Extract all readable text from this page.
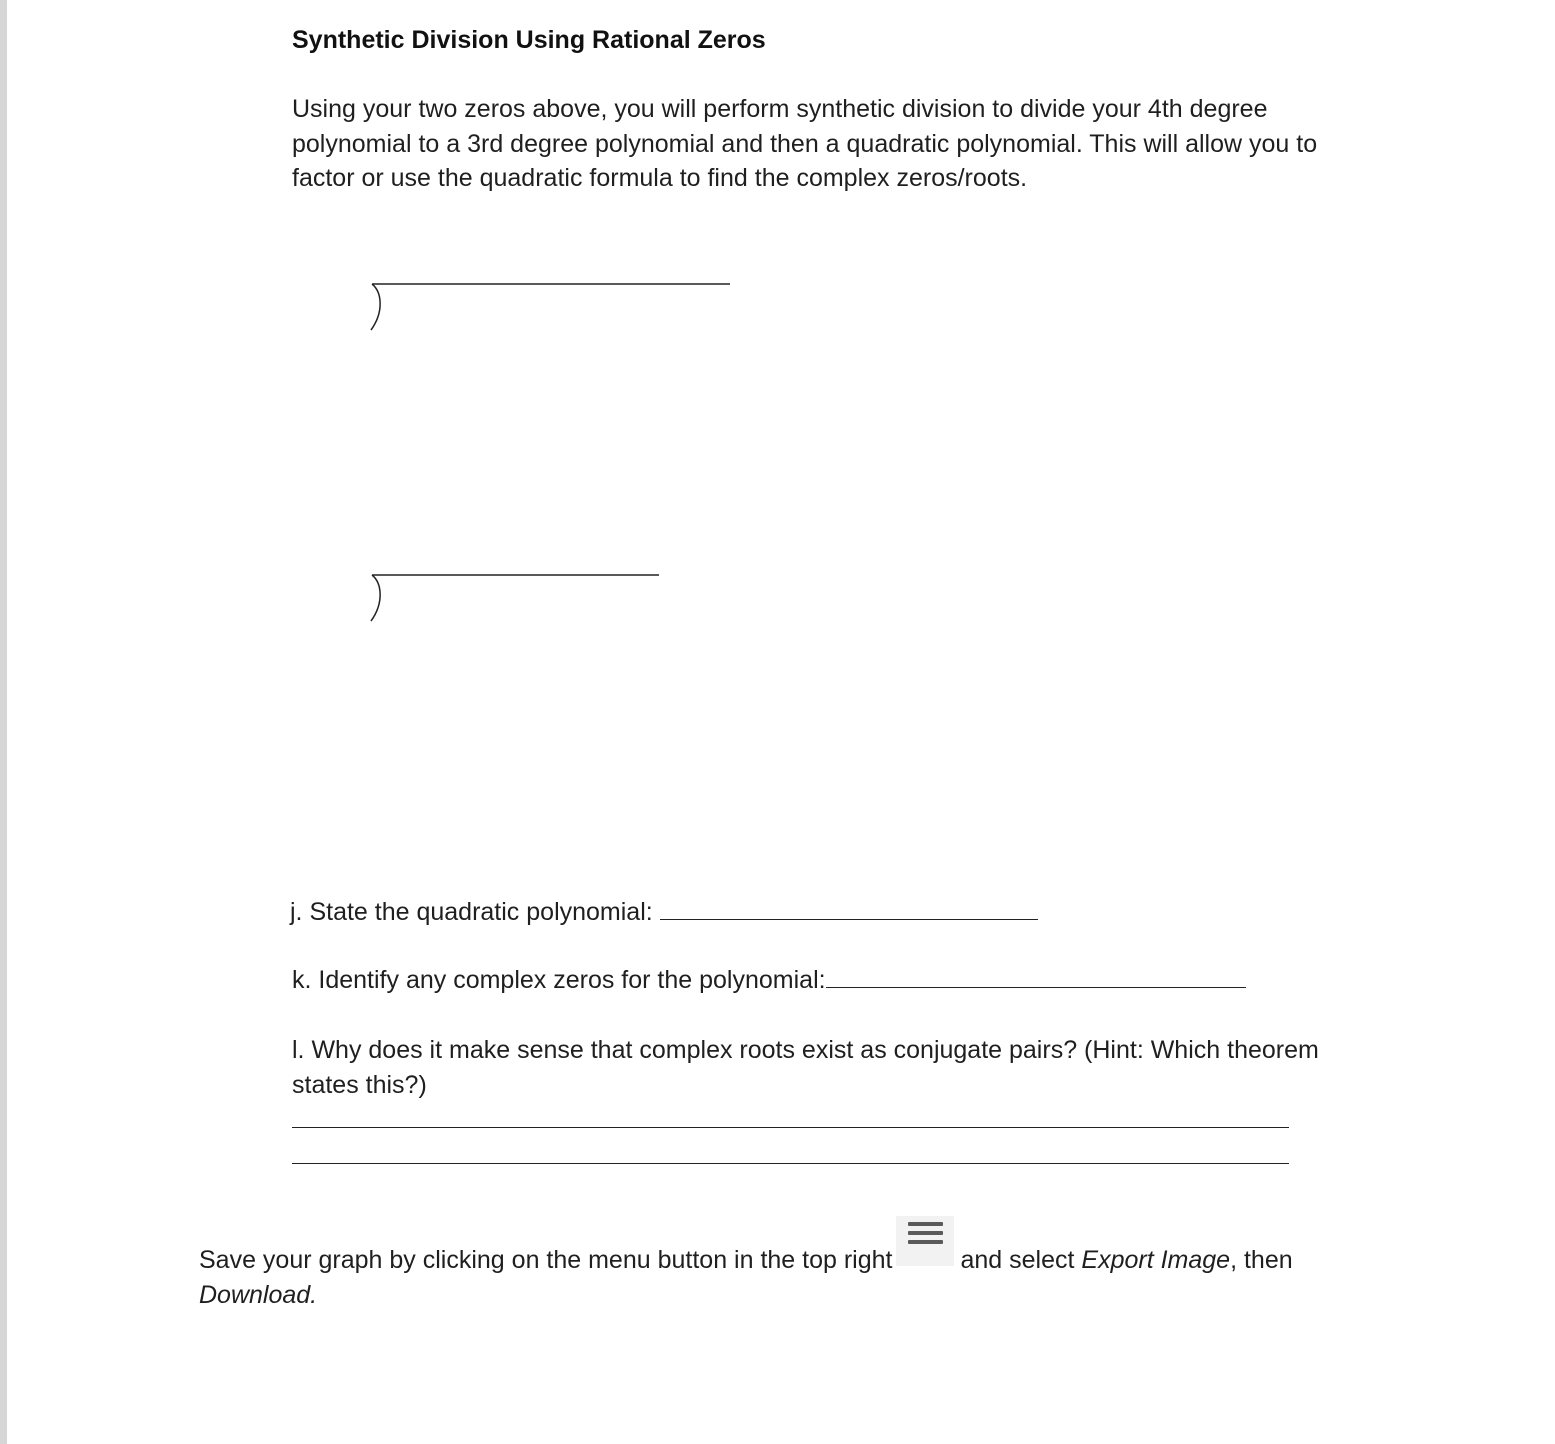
Synthetic Division Using Rational Zeros

Using your two zeros above, you will perform synthetic division to divide your 4th degree
polynomial to a 3rd degree polynomial and then a quadratic polynomial. This will allow you to
factor or use the quadratic formula to find the complex zeros/roots.

j. State the quadratic polynomial:
k. Identify any complex zeros for the polynomial:

l. Why does it make sense that complex roots exist as conjugate pairs? (Hint: Which theorem
states this?)

Save your graph by clicking on the menu button in the top right	and select Export Image, then
Download.
